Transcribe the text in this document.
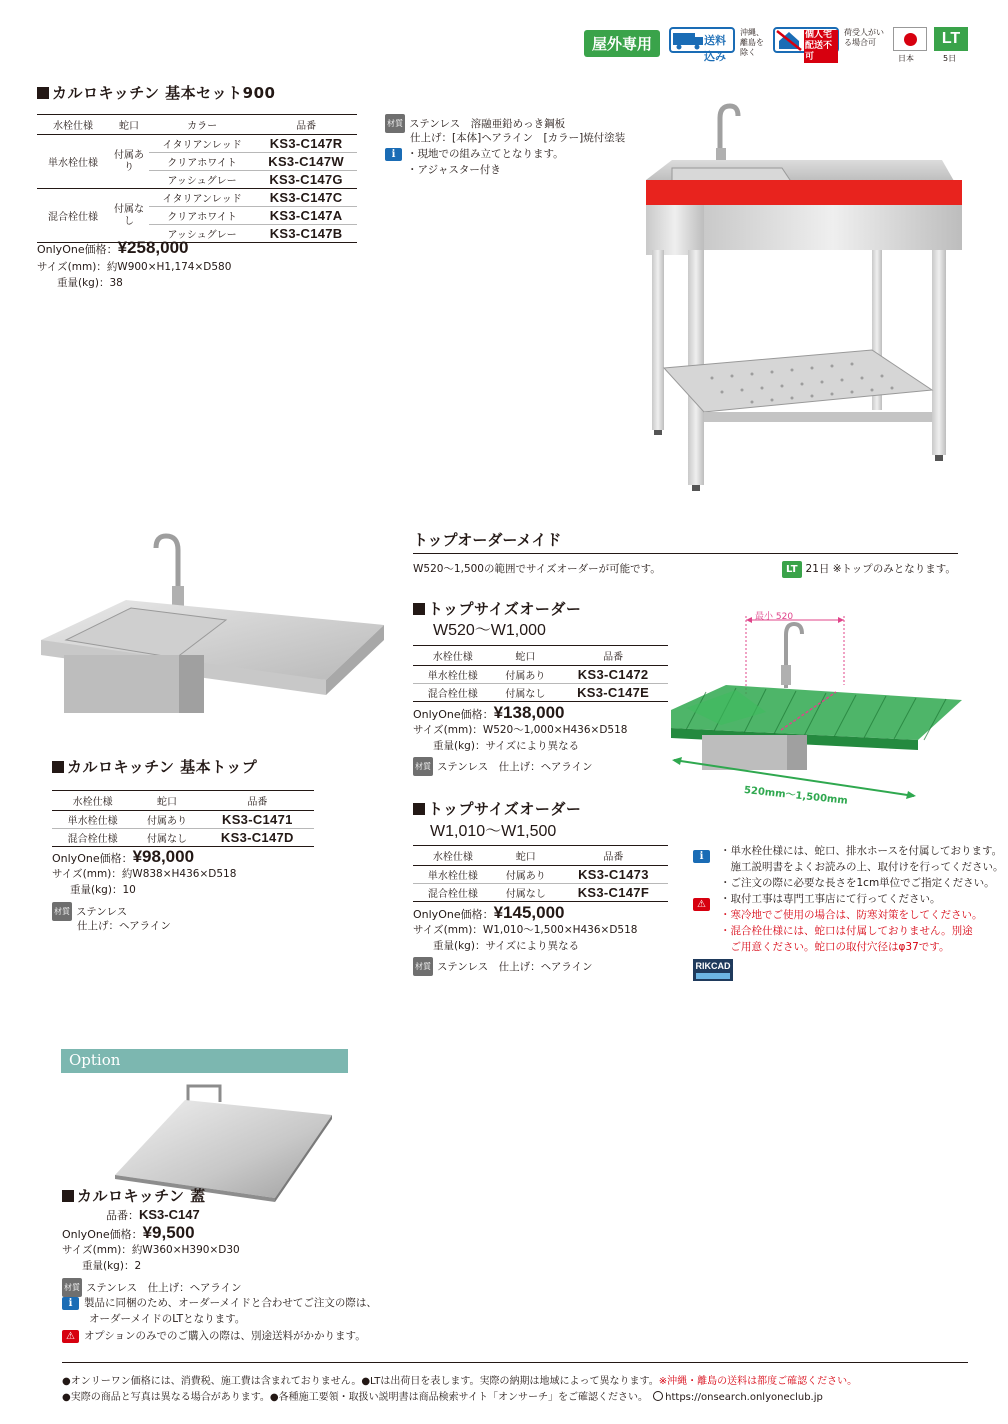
屋外専用	送料込み
沖縄、離島を除く
個人宅配送不可
荷受人がいる場合可
日本
LT
5日
カルロキッチン 基本セット900
水栓仕様	蛇口	カラー	品番
単水栓仕様	付属あり	イタリアンレッド	KS3-C147R
		クリアホワイト	KS3-C147W
		アッシュグレー	KS3-C147G
混合栓仕様	付属なし	イタリアンレッド	KS3-C147C
		クリアホワイト	KS3-C147A
		アッシュグレー	KS3-C147B
OnlyOne価格：¥258,000
サイズ(mm)：約W900×H1,174×D580
重量(kg)：38
材質 ステンレス　溶融亜鉛めっき鋼板
仕上げ：[本体]ヘアライン　[カラー]焼付塗装
i ・現地での組み立てとなります。
・アジャスター付き
カルロキッチン 基本トップ
水栓仕様	蛇口	品番
単水栓仕様	付属あり	KS3-C1471
混合栓仕様	付属なし	KS3-C147D
OnlyOne価格：¥98,000
サイズ(mm)：約W838×H436×D518
重量(kg)：10
材質 ステンレス
仕上げ：ヘアライン
トップオーダーメイド
W520～1,500の範囲でサイズオーダーが可能です。	LT 21日 ※トップのみとなります。
トップサイズオーダー
W520～W1,000
水栓仕様	蛇口	品番
単水栓仕様	付属あり	KS3-C1472
混合栓仕様	付属なし	KS3-C147E
OnlyOne価格：¥138,000
サイズ(mm)：W520～1,000×H436×D518
重量(kg)：サイズにより異なる
材質 ステンレス　仕上げ：ヘアライン
最小 520
520mm～1,500mm
トップサイズオーダー
W1,010～W1,500
水栓仕様	蛇口	品番
単水栓仕様	付属あり	KS3-C1473
混合栓仕様	付属なし	KS3-C147F
OnlyOne価格：¥145,000
サイズ(mm)：W1,010～1,500×H436×D518
重量(kg)：サイズにより異なる
材質 ステンレス　仕上げ：ヘアライン
i	・単水栓仕様には、蛇口、排水ホースを付属しております。
　施工説明書をよくお読みの上、取付けを行ってください。
・ご注文の際に必要な長さを1cm単位でご指定ください。
⚠	・取付工事は専門工事店にて行ってください。
・寒冷地でご使用の場合は、防寒対策をしてください。
・混合栓仕様には、蛇口は付属しておりません。別途
　ご用意ください。蛇口の取付穴径はφ37です。
RIKCAD
Option
カルロキッチン 蓋
品番：KS3-C147
OnlyOne価格：¥9,500
サイズ(mm)：約W360×H390×D30
重量(kg)：2
材質 ステンレス　仕上げ：ヘアライン
i 製品に同梱のため、オーダーメイドと合わせてご注文の際は、
オーダーメイドのLTとなります。
⚠ オプションのみでのご購入の際は、別途送料がかかります。
●オンリーワン価格には、消費税、施工費は含まれておりません。●LTは出荷日を表します。実際の納期は地域によって異なります。※沖縄・離島の送料は都度ご確認ください。
●実際の商品と写真は異なる場合があります。●各種施工要領・取扱い説明書は商品検索サイト「オンサーチ」をご確認ください。 https://onsearch.onlyoneclub.jp
